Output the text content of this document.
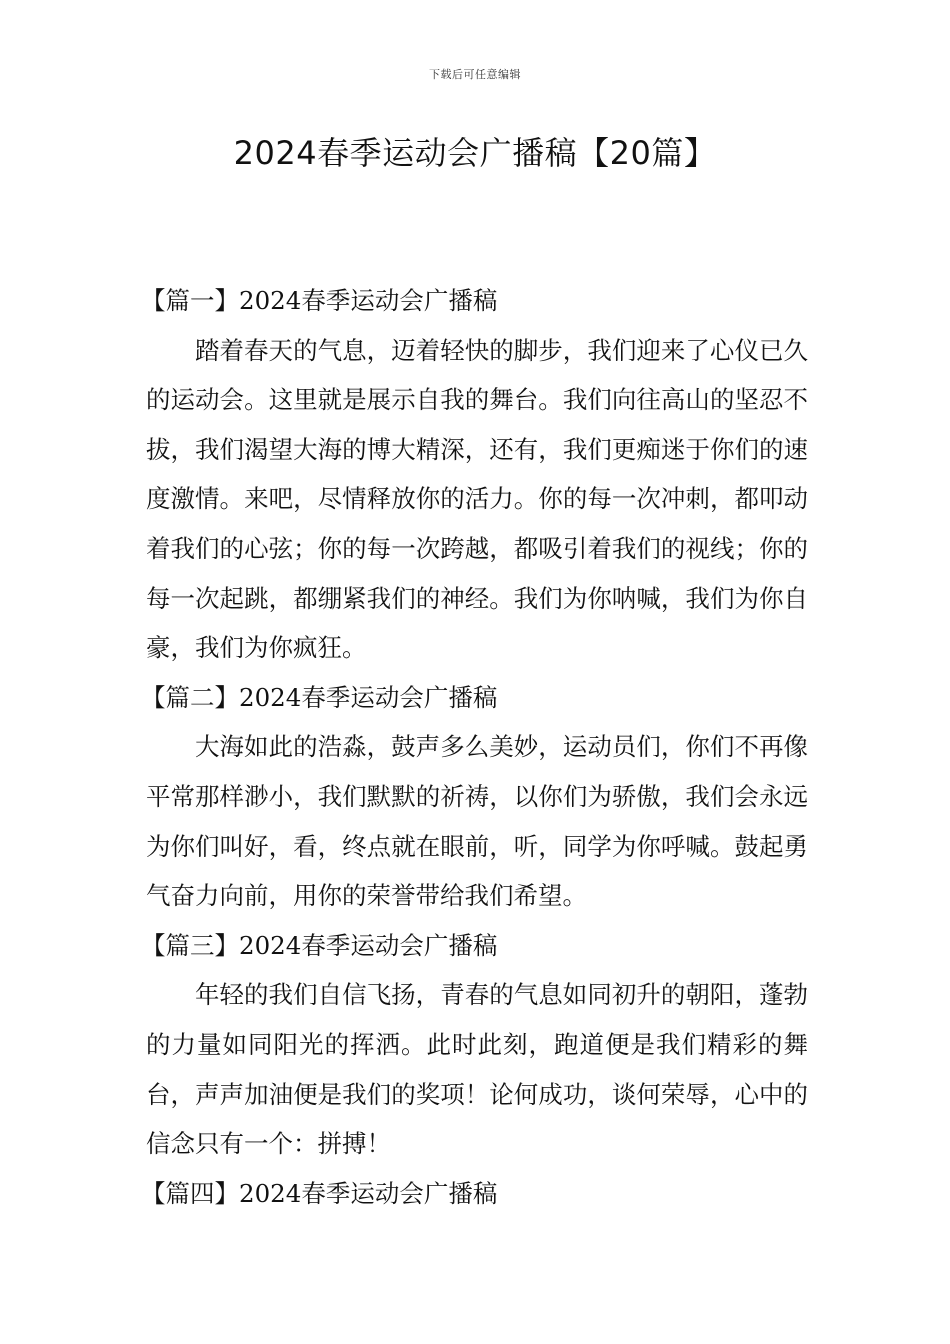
下载后可任意编辑
2024春季运动会广播稿【20篇】

【篇一】2024春季运动会广播稿

踏着春天的气息，迈着轻快的脚步，我们迎来了心仪已久的运动会。这里就是展示自我的舞台。我们向往高山的坚忍不拔，我们渴望大海的博大精深，还有，我们更痴迷于你们的速度激情。来吧，尽情释放你的活力。你的每一次冲刺，都叩动着我们的心弦；你的每一次跨越，都吸引着我们的视线；你的每一次起跳，都绷紧我们的神经。我们为你呐喊，我们为你自豪，我们为你疯狂。

【篇二】2024春季运动会广播稿

大海如此的浩淼，鼓声多么美妙，运动员们，你们不再像平常那样渺小，我们默默的祈祷，以你们为骄傲，我们会永远为你们叫好，看，终点就在眼前，听，同学为你呼喊。鼓起勇气奋力向前，用你的荣誉带给我们希望。

【篇三】2024春季运动会广播稿

年轻的我们自信飞扬，青春的气息如同初升的朝阳，蓬勃的力量如同阳光的挥洒。此时此刻，跑道便是我们精彩的舞台，声声加油便是我们的奖项！论何成功，谈何荣辱，心中的信念只有一个：拼搏！

【篇四】2024春季运动会广播稿
